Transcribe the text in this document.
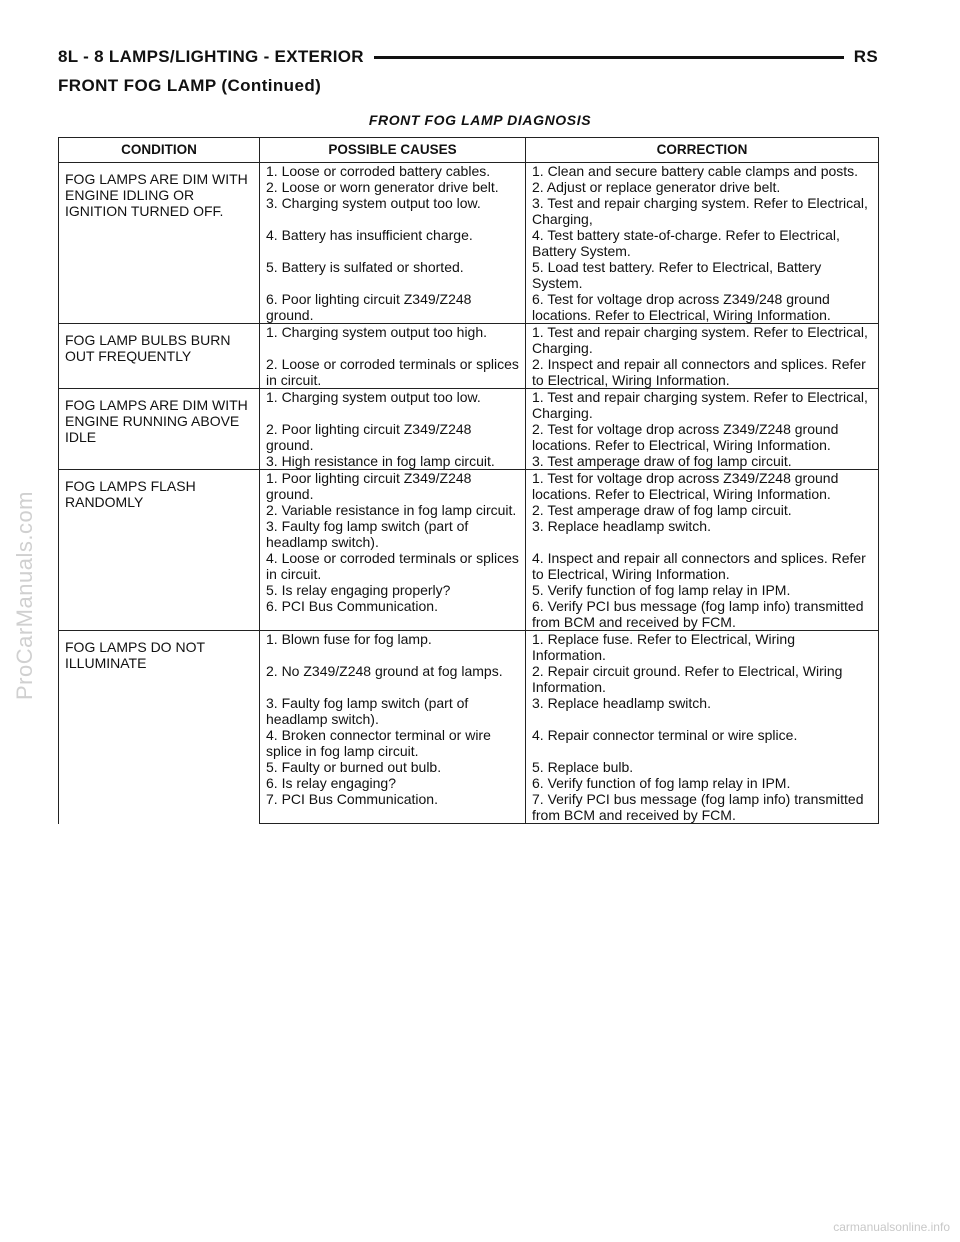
8L - 8 LAMPS/LIGHTING - EXTERIOR	RS
FRONT FOG LAMP (Continued)
FRONT FOG LAMP DIAGNOSIS
CONDITION	POSSIBLE CAUSES	CORRECTION
FOG LAMPS ARE DIM WITH ENGINE IDLING OR IGNITION TURNED OFF.	1. Loose or corroded battery cables.	1. Clean and secure battery cable clamps and posts.
	2. Loose or worn generator drive belt.	2. Adjust or replace generator drive belt.
	3. Charging system output too low.	3. Test and repair charging system. Refer to Electrical, Charging,
	4. Battery has insufficient charge.	4. Test battery state-of-charge. Refer to Electrical, Battery System.
	5. Battery is sulfated or shorted.	5. Load test battery. Refer to Electrical, Battery System.
	6. Poor lighting circuit Z349/Z248 ground.	6. Test for voltage drop across Z349/248 ground locations. Refer to Electrical, Wiring Information.
FOG LAMP BULBS BURN OUT FREQUENTLY	1. Charging system output too high.	1. Test and repair charging system. Refer to Electrical, Charging.
	2. Loose or corroded terminals or splices in circuit.	2. Inspect and repair all connectors and splices. Refer to Electrical, Wiring Information.
FOG LAMPS ARE DIM WITH ENGINE RUNNING ABOVE IDLE	1. Charging system output too low.	1. Test and repair charging system. Refer to Electrical, Charging.
	2. Poor lighting circuit Z349/Z248 ground.	2. Test for voltage drop across Z349/Z248 ground locations. Refer to Electrical, Wiring Information.
	3. High resistance in fog lamp circuit.	3. Test amperage draw of fog lamp circuit.
FOG LAMPS FLASH RANDOMLY	1. Poor lighting circuit Z349/Z248 ground.	1. Test for voltage drop across Z349/Z248 ground locations. Refer to Electrical, Wiring Information.
	2. Variable resistance in fog lamp circuit.	2. Test amperage draw of fog lamp circuit.
	3. Faulty fog lamp switch (part of headlamp switch).	3. Replace headlamp switch.
	4. Loose or corroded terminals or splices in circuit.	4. Inspect and repair all connectors and splices. Refer to Electrical, Wiring Information.
	5. Is relay engaging properly?	5. Verify function of fog lamp relay in IPM.
	6. PCI Bus Communication.	6. Verify PCI bus message (fog lamp info) transmitted from BCM and received by FCM.
FOG LAMPS DO NOT ILLUMINATE	1. Blown fuse for fog lamp.	1. Replace fuse. Refer to Electrical, Wiring Information.
	2. No Z349/Z248 ground at fog lamps.	2. Repair circuit ground. Refer to Electrical, Wiring Information.
	3. Faulty fog lamp switch (part of headlamp switch).	3. Replace headlamp switch.
	4. Broken connector terminal or wire splice in fog lamp circuit.	4. Repair connector terminal or wire splice.
	5. Faulty or burned out bulb.	5. Replace bulb.
	6. Is relay engaging?	6. Verify function of fog lamp relay in IPM.
	7. PCI Bus Communication.	7. Verify PCI bus message (fog lamp info) transmitted from BCM and received by FCM.
ProCarManuals.com
carmanualsonline.info
